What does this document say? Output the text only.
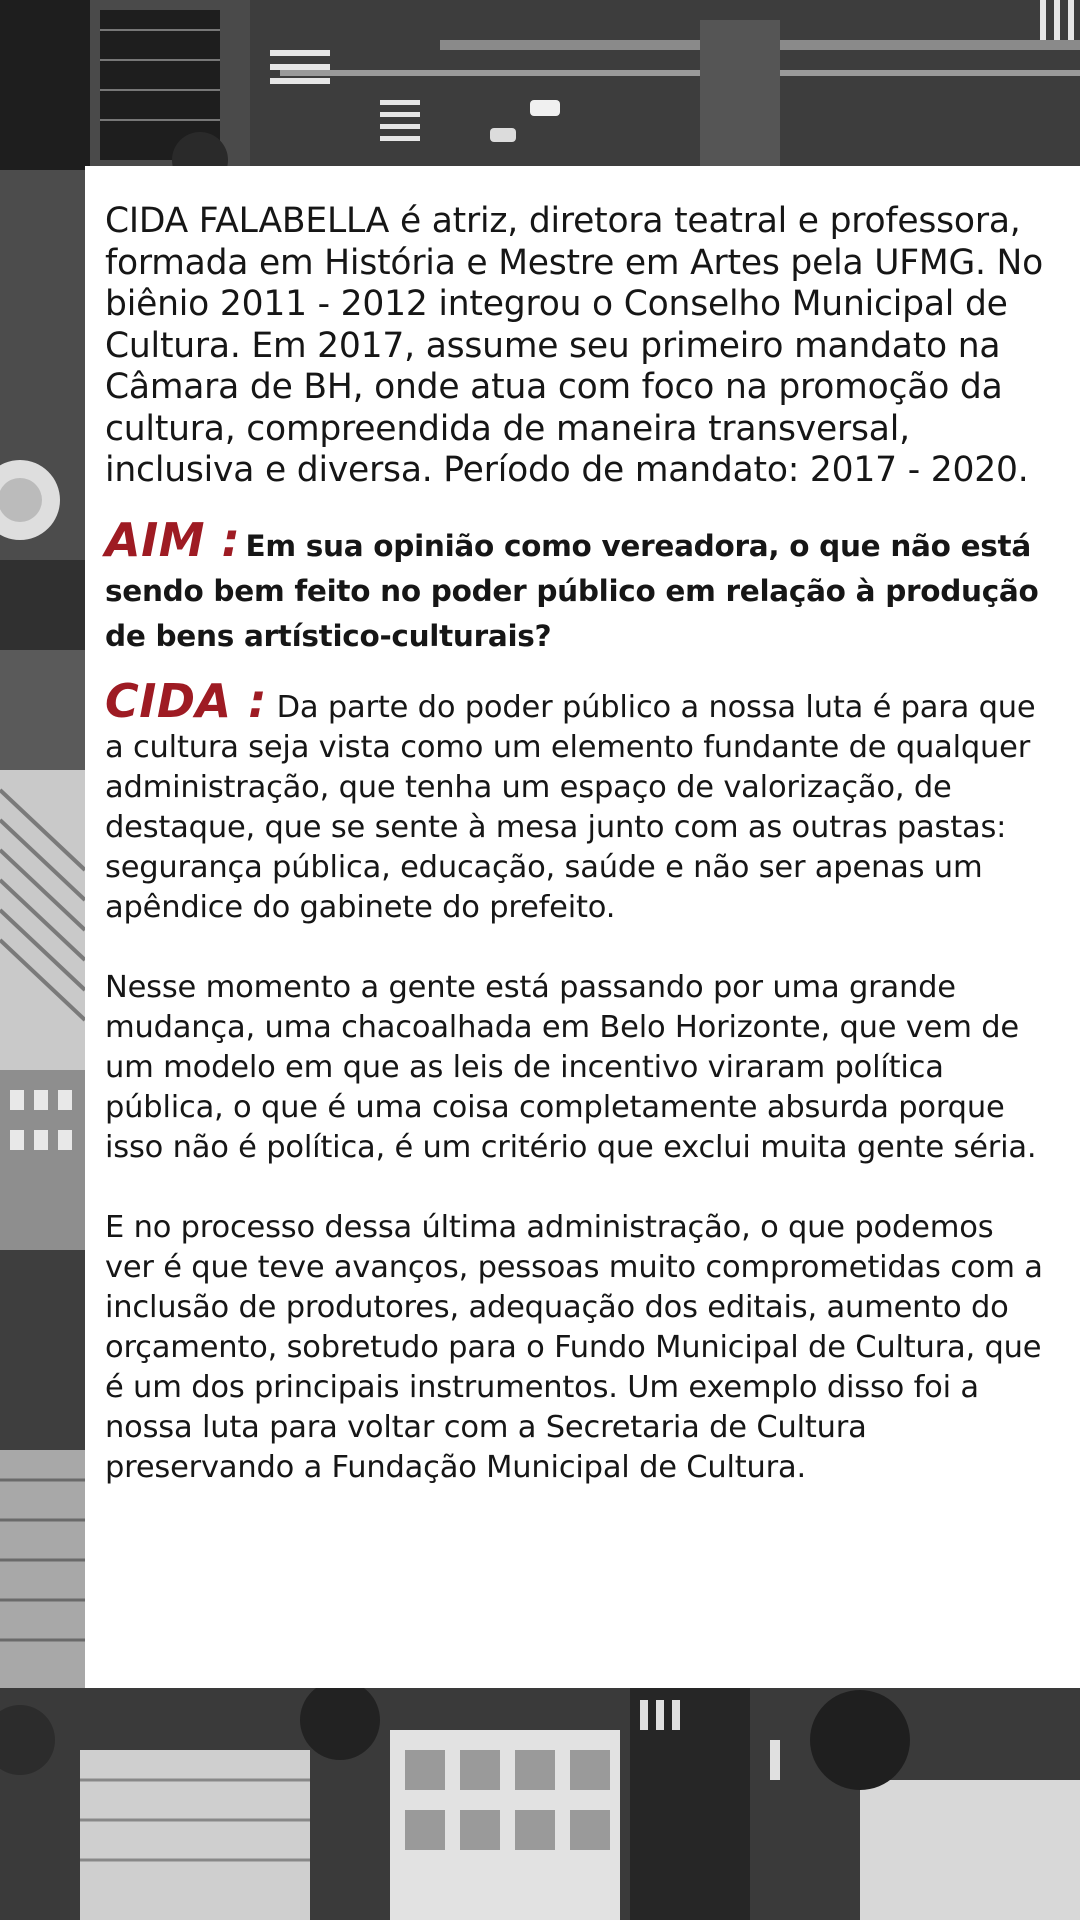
CIDA FALABELLA é atriz, diretora teatral e professora, formada em História e Mestre em Artes pela UFMG. No biênio 2011 - 2012 integrou o Conselho Municipal de Cultura. Em 2017, assume seu primeiro mandato na Câmara de BH, onde atua com foco na promoção da cultura, compreendida de maneira transversal, inclusiva e diversa. Período de mandato: 2017 - 2020.

AIM : Em sua opinião como vereadora, o que não está sendo bem feito no poder público em relação à produção de bens artístico-culturais?
CIDA : Da parte do poder público a nossa luta é para que a cultura seja vista como um elemento fundante de qualquer administração, que tenha um espaço de valorização, de destaque, que se sente à mesa junto com as outras pastas: segurança pública, educação, saúde e não ser apenas um apêndice do gabinete do prefeito.

Nesse momento a gente está passando por uma grande mudança, uma chacoalhada em Belo Horizonte, que vem de um modelo em que as leis de incentivo viraram política pública, o que é uma coisa completamente absurda porque isso não é política, é um critério que exclui muita gente séria.

E no processo dessa última administração, o que podemos ver é que teve avanços, pessoas muito comprometidas com a inclusão de produtores, adequação dos editais, aumento do orçamento, sobretudo para o Fundo Municipal de Cultura, que é um dos principais instrumentos. Um exemplo disso foi a nossa luta para voltar com a Secretaria de Cultura preservando a Fundação Municipal de Cultura.
